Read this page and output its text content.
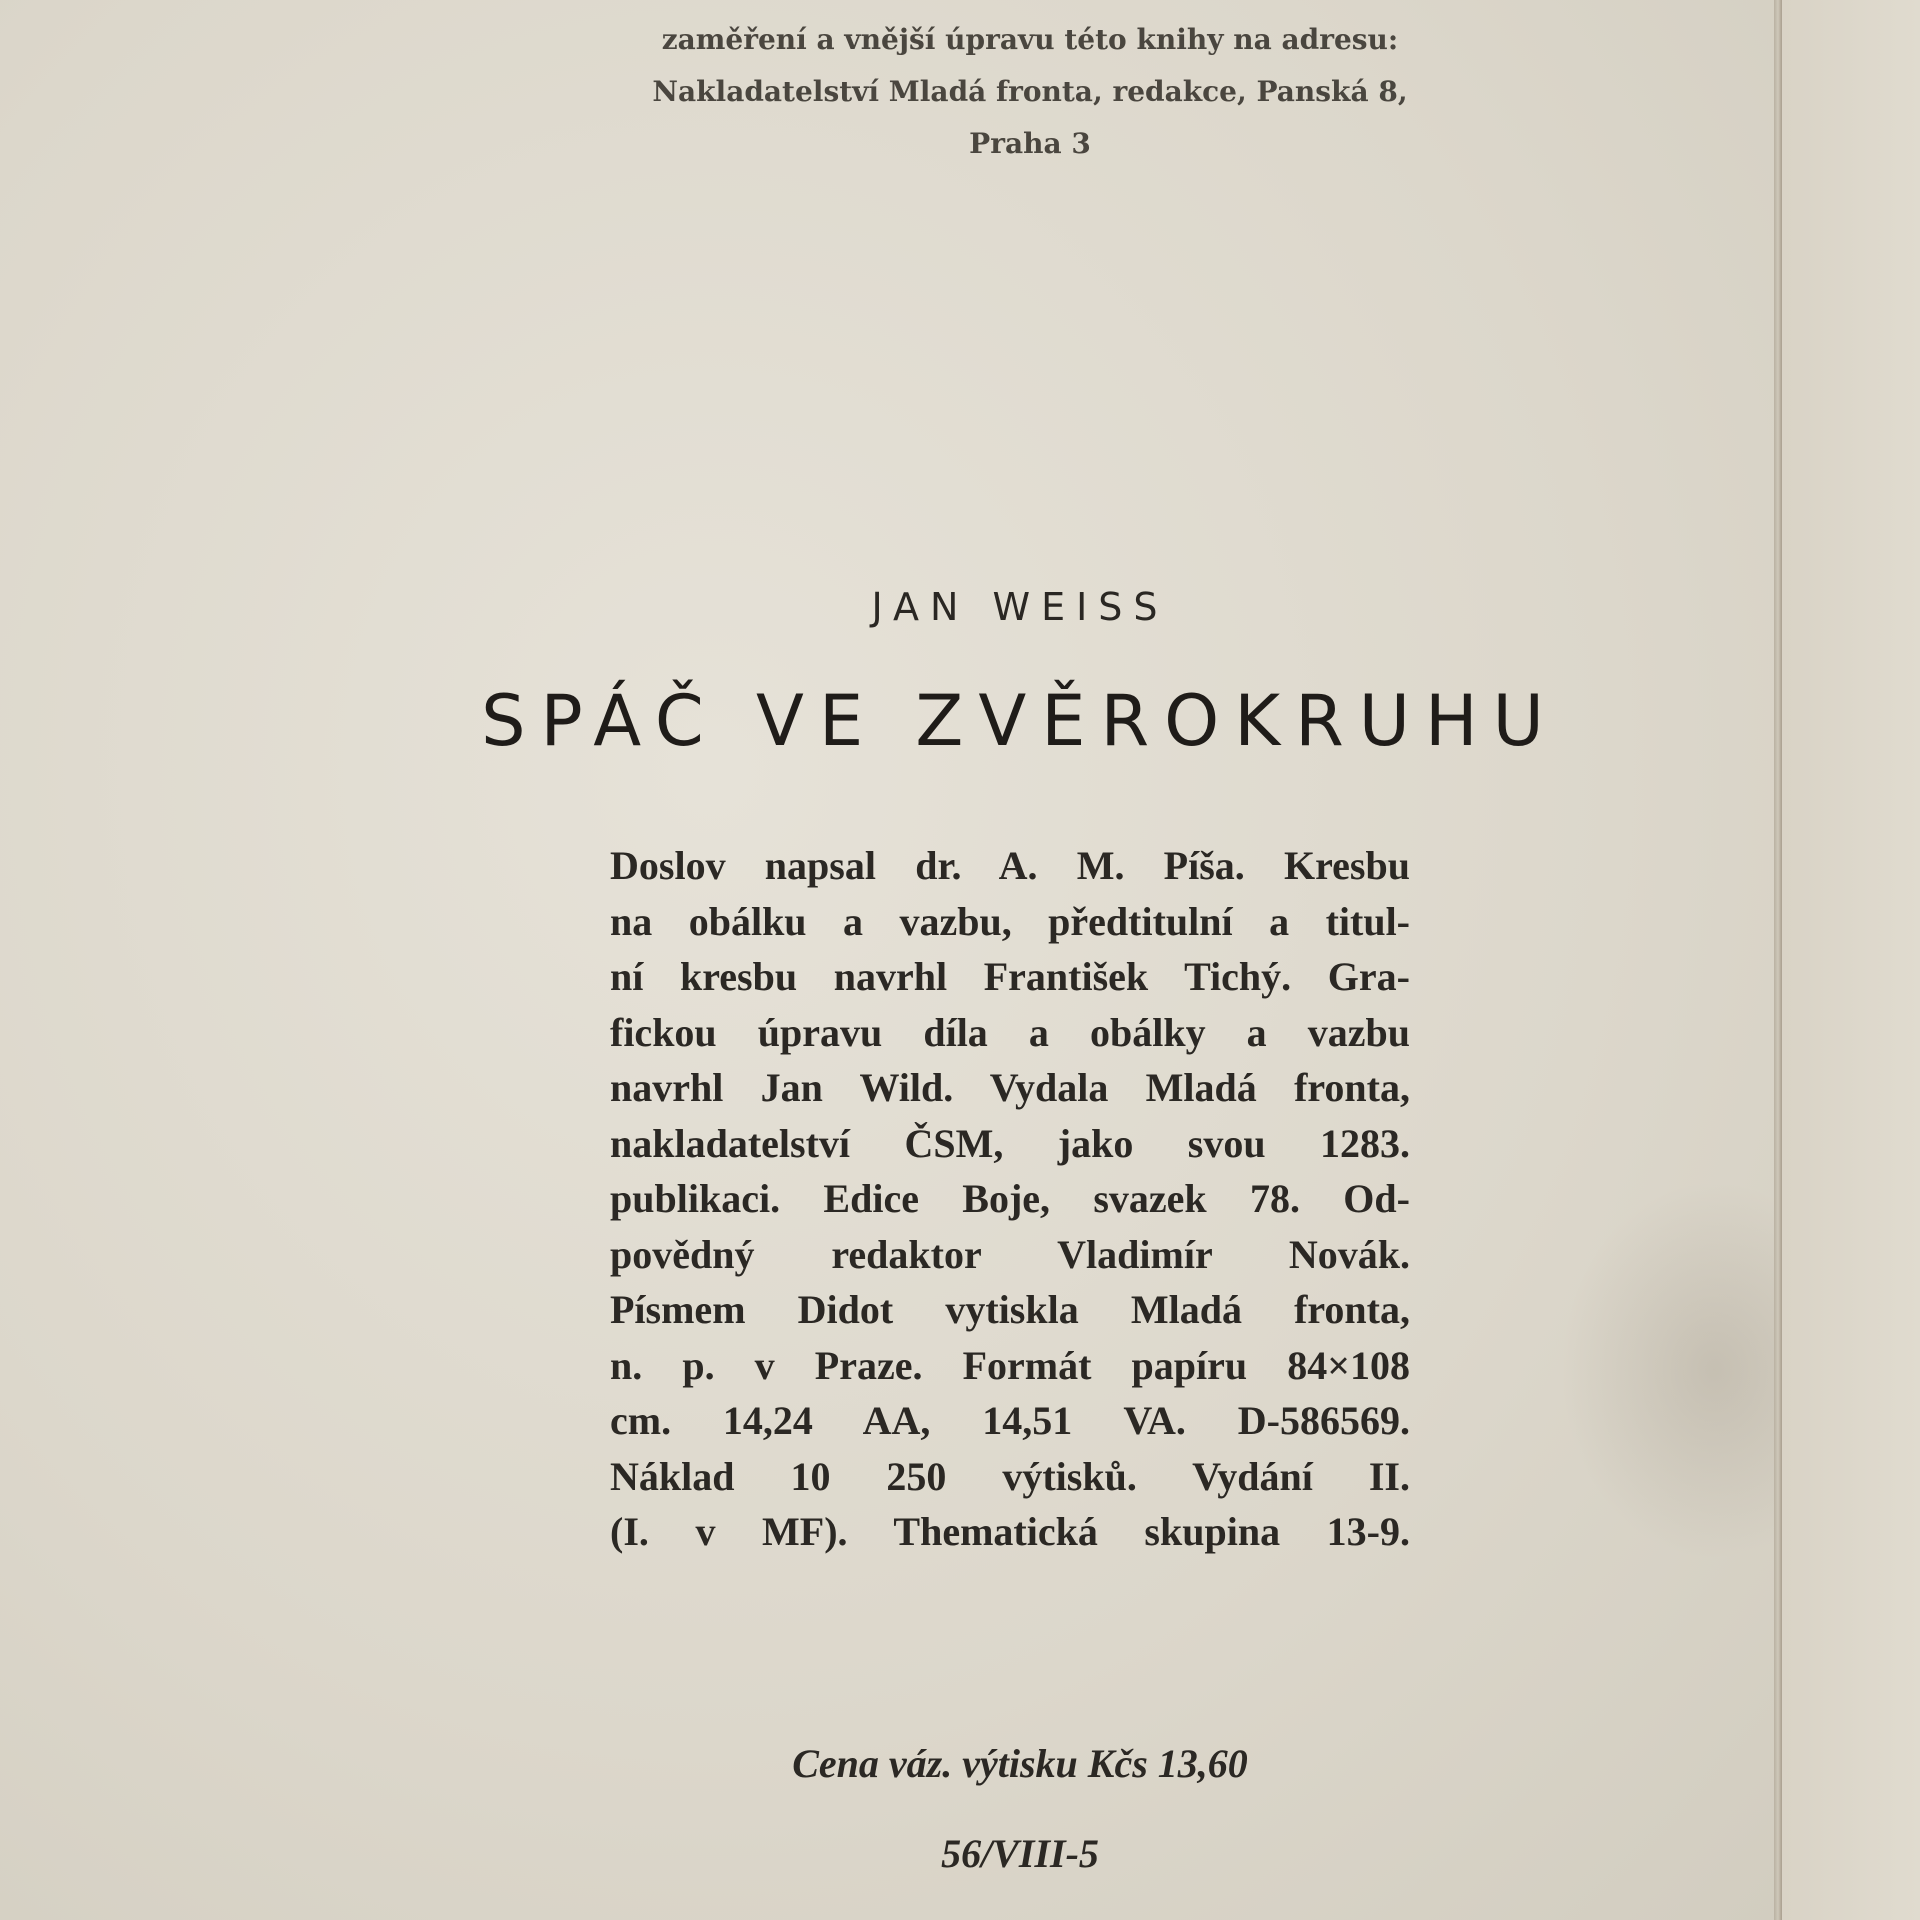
zaměření a vnější úpravu této knihy na adresu:
Nakladatelství Mladá fronta, redakce, Panská 8,
Praha 3
JAN WEISS
SPÁČ VE ZVĚROKRUHU
Doslov napsal dr. A. M. Píša. Kresbu
na obálku a vazbu, předtitulní a titul-
ní kresbu navrhl František Tichý. Gra-
fickou úpravu díla a obálky a vazbu
navrhl Jan Wild. Vydala Mladá fronta,
nakladatelství ČSM, jako svou 1283.
publikaci. Edice Boje, svazek 78. Od-
povědný redaktor Vladimír Novák.
Písmem Didot vytiskla Mladá fronta,
n. p. v Praze. Formát papíru 84×108
cm. 14,24 AA, 14,51 VA. D-586569.
Náklad 10 250 výtisků. Vydání II.
(I. v MF). Thematická skupina 13-9.
Cena váz. výtisku Kčs 13,60
56/VIII-5
